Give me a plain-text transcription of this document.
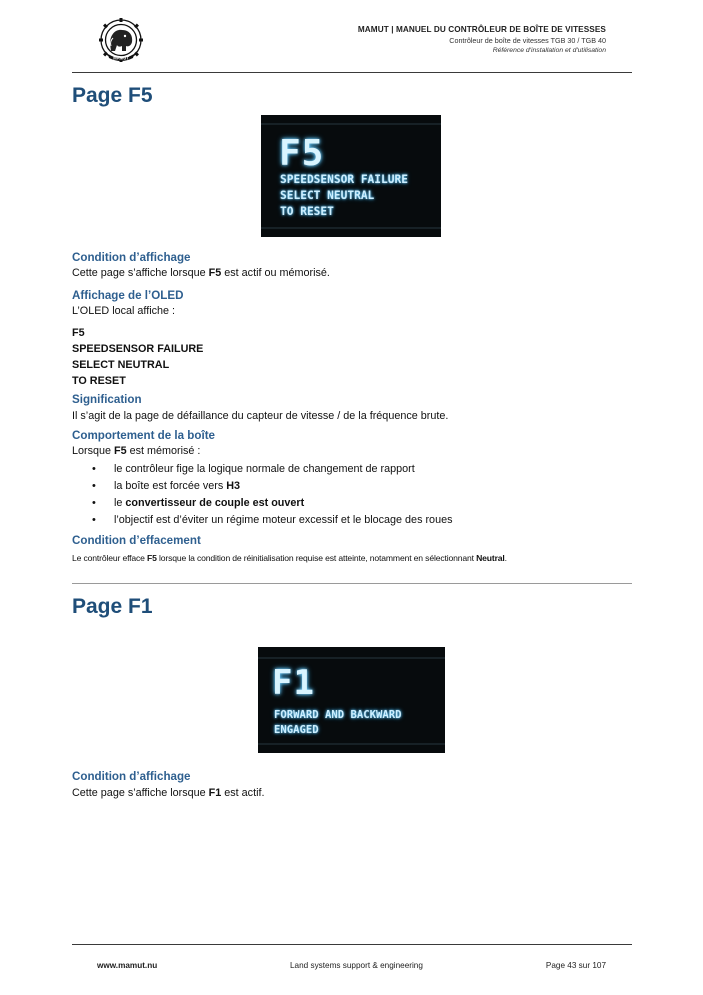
MAMUT
MAMUT | MANUEL DU CONTRÔLEUR DE BOÎTE DE VITESSES
Contrôleur de boîte de vitesses TGB 30 / TGB 40
Référence d'installation et d'utilisation
Page F5
F5
SPEEDSENSOR FAILURE
SELECT NEUTRAL
TO RESET
Condition d’affichage
Cette page s’affiche lorsque F5 est actif ou mémorisé.
Affichage de l’OLED
L’OLED local affiche :
F5
SPEEDSENSOR FAILURE
SELECT NEUTRAL
TO RESET
Signification
Il s’agit de la page de défaillance du capteur de vitesse / de la fréquence brute.
Comportement de la boîte
Lorsque F5 est mémorisé :
• le contrôleur fige la logique normale de changement de rapport
• la boîte est forcée vers H3
• le convertisseur de couple est ouvert
• l’objectif est d’éviter un régime moteur excessif et le blocage des roues
Condition d’effacement
Le contrôleur efface F5 lorsque la condition de réinitialisation requise est atteinte, notamment en sélectionnant Neutral.
Page F1
F1
FORWARD AND BACKWARD
ENGAGED
Condition d’affichage
Cette page s’affiche lorsque F1 est actif.
www.mamut.nu	Land systems support & engineering	Page 43 sur 107
